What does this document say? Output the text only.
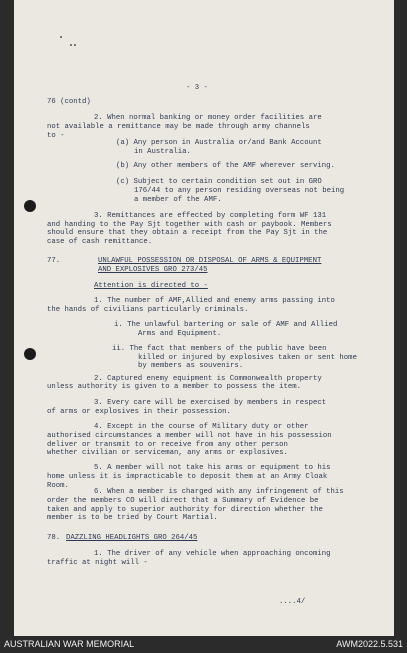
- 3 -
76 (contd)
2. When normal banking or money order facilities are
not available a remittance may be made through army channels
to -
(a) Any person in Australia or/and Bank Account
in Australia.
(b) Any other members of the AMF wherever serving.
(c) Subject to certain condition set out in GRO
176/44 to any person residing overseas not being
a member of the AMF.
3. Remittances are effected by completing form WF 131
and handing to the Pay Sjt together with cash or paybook. Members
should ensure that they obtain a receipt from the Pay Sjt in the
case of cash remittance.
77.	UNLAWFUL POSSESSION OR DISPOSAL OF ARMS & EQUIPMENT
AND EXPLOSIVES GRO 273/45
Attention is directed to -
1. The number of AMF,Allied and enemy arms passing into
the hands of civilians particularly criminals.
i. The unlawful bartering or sale of AMF and Allied
Arms and Equipment.
ii. The fact that members of the public have been
killed or injured by explosives taken or sent home
by members as souvenirs.
2. Captured enemy equipment is Commonwealth property
unless authority is given to a member to possess the item.
3. Every care will be exercised by members in respect
of arms or explosives in their possession.
4. Except in the course of Military duty or other
authorised circumstances a member will not have in his possession
deliver or transmit to or receive from any other person
whether civilian or serviceman, any arms or explosives.
5. A member will not take his arms or equipment to his
home unless it is impracticable to deposit them at an Army Cloak
Room.
6. When a member is charged with any infringement of this
order the members CO will direct that a Summary of Evidence be
taken and apply to superior authority for direction whether the
member is to be tried by Court Martial.
78. DAZZLING HEADLIGHTS GRO 264/45
1. The driver of any vehicle when approaching oncoming
traffic at night will -
....4/
AUSTRALIAN WAR MEMORIAL	AWM2022.5.531
